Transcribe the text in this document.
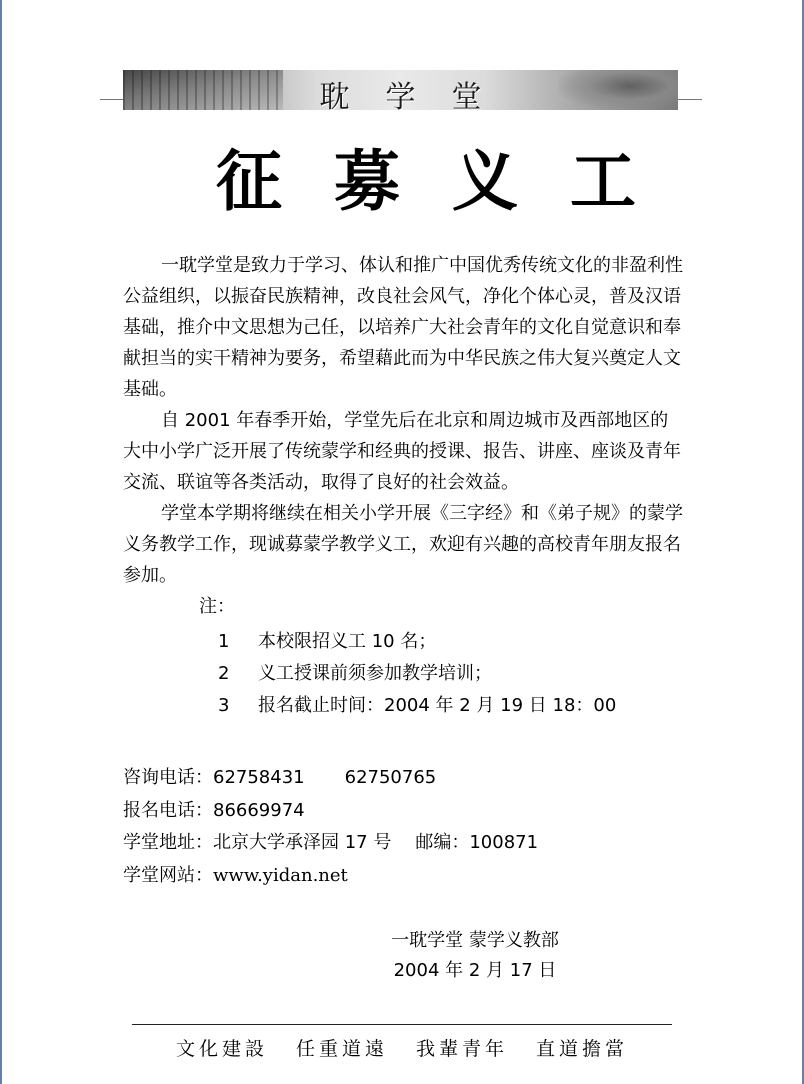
耽学堂
征募义工

一耽学堂是致力于学习、体认和推广中国优秀传统文化的非盈利性公益组织，以振奋民族精神，改良社会风气，净化个体心灵，普及汉语基础，推介中文思想为己任，以培养广大社会青年的文化自觉意识和奉献担当的实干精神为要务，希望藉此而为中华民族之伟大复兴奠定人文基础。

自 2001 年春季开始，学堂先后在北京和周边城市及西部地区的大中小学广泛开展了传统蒙学和经典的授课、报告、讲座、座谈及青年交流、联谊等各类活动，取得了良好的社会效益。

学堂本学期将继续在相关小学开展《三字经》和《弟子规》的蒙学义务教学工作，现诚募蒙学教学义工，欢迎有兴趣的高校青年朋友报名参加。

注：

1 本校限招义工 10 名；
2 义工授课前须参加教学培训；
3 报名截止时间：2004 年 2 月 19 日 18：00
咨询电话：62758431 62750765
报名电话：86669974
学堂地址：北京大学承泽园 17 号 邮编：100871
学堂网站：www.yidan.net
一耽学堂 蒙学义教部
2004 年 2 月 17 日
文化建設 任重道遠 我輩青年 直道擔當
